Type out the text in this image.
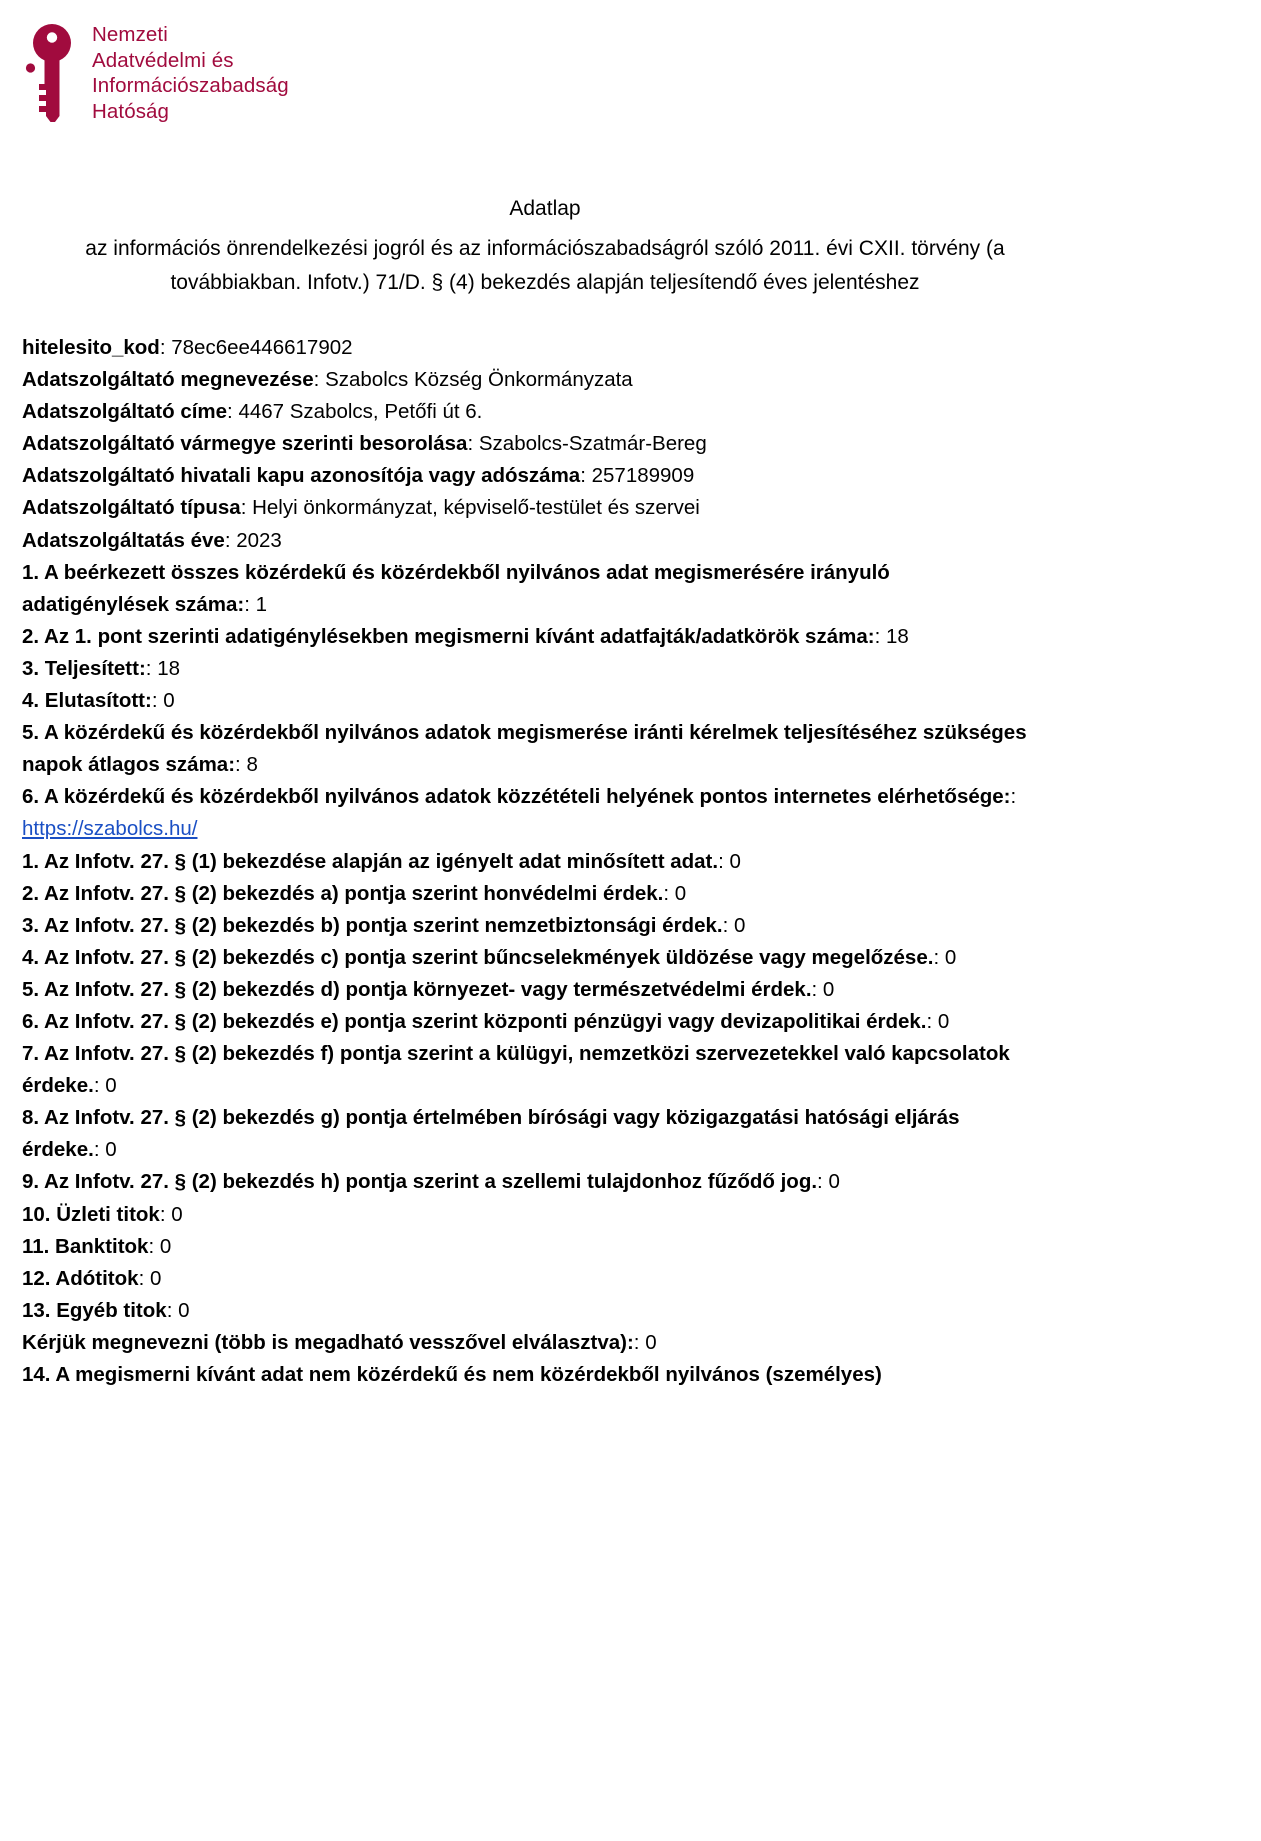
Nemzeti
Adatvédelmi és
Információszabadság
Hatóság
Adatlap
az információs önrendelkezési jogról és az információszabadságról szóló 2011. évi CXII. törvény (a továbbiakban. Infotv.) 71/D. § (4) bekezdés alapján teljesítendő éves jelentéshez
hitelesito_kod: 78ec6ee446617902
Adatszolgáltató megnevezése: Szabolcs Község Önkormányzata
Adatszolgáltató címe: 4467 Szabolcs, Petőfi út 6.
Adatszolgáltató vármegye szerinti besorolása: Szabolcs-Szatmár-Bereg
Adatszolgáltató hivatali kapu azonosítója vagy adószáma: 257189909
Adatszolgáltató típusa: Helyi önkormányzat, képviselő-testület és szervei
Adatszolgáltatás éve: 2023
1. A beérkezett összes közérdekű és közérdekből nyilvános adat megismerésére irányuló adatigénylések száma:: 1
2. Az 1. pont szerinti adatigénylésekben megismerni kívánt adatfajták/adatkörök száma:: 18
3. Teljesített:: 18
4. Elutasított:: 0
5. A közérdekű és közérdekből nyilvános adatok megismerése iránti kérelmek teljesítéséhez szükséges napok átlagos száma:: 8
6. A közérdekű és közérdekből nyilvános adatok közzétételi helyének pontos internetes elérhetősége:: https://szabolcs.hu/
1. Az Infotv. 27. § (1) bekezdése alapján az igényelt adat minősített adat.: 0
2. Az Infotv. 27. § (2) bekezdés a) pontja szerint honvédelmi érdek.: 0
3. Az Infotv. 27. § (2) bekezdés b) pontja szerint nemzetbiztonsági érdek.: 0
4. Az Infotv. 27. § (2) bekezdés c) pontja szerint bűncselekmények üldözése vagy megelőzése.: 0
5. Az Infotv. 27. § (2) bekezdés d) pontja környezet- vagy természetvédelmi érdek.: 0
6. Az Infotv. 27. § (2) bekezdés e) pontja szerint központi pénzügyi vagy devizapolitikai érdek.: 0
7. Az Infotv. 27. § (2) bekezdés f) pontja szerint a külügyi, nemzetközi szervezetekkel való kapcsolatok érdeke.: 0
8. Az Infotv. 27. § (2) bekezdés g) pontja értelmében bírósági vagy közigazgatási hatósági eljárás érdeke.: 0
9. Az Infotv. 27. § (2) bekezdés h) pontja szerint a szellemi tulajdonhoz fűződő jog.: 0
10. Üzleti titok: 0
11. Banktitok: 0
12. Adótitok: 0
13. Egyéb titok: 0
Kérjük megnevezni (több is megadható vesszővel elválasztva):: 0
14. A megismerni kívánt adat nem közérdekű és nem közérdekből nyilvános (személyes)
